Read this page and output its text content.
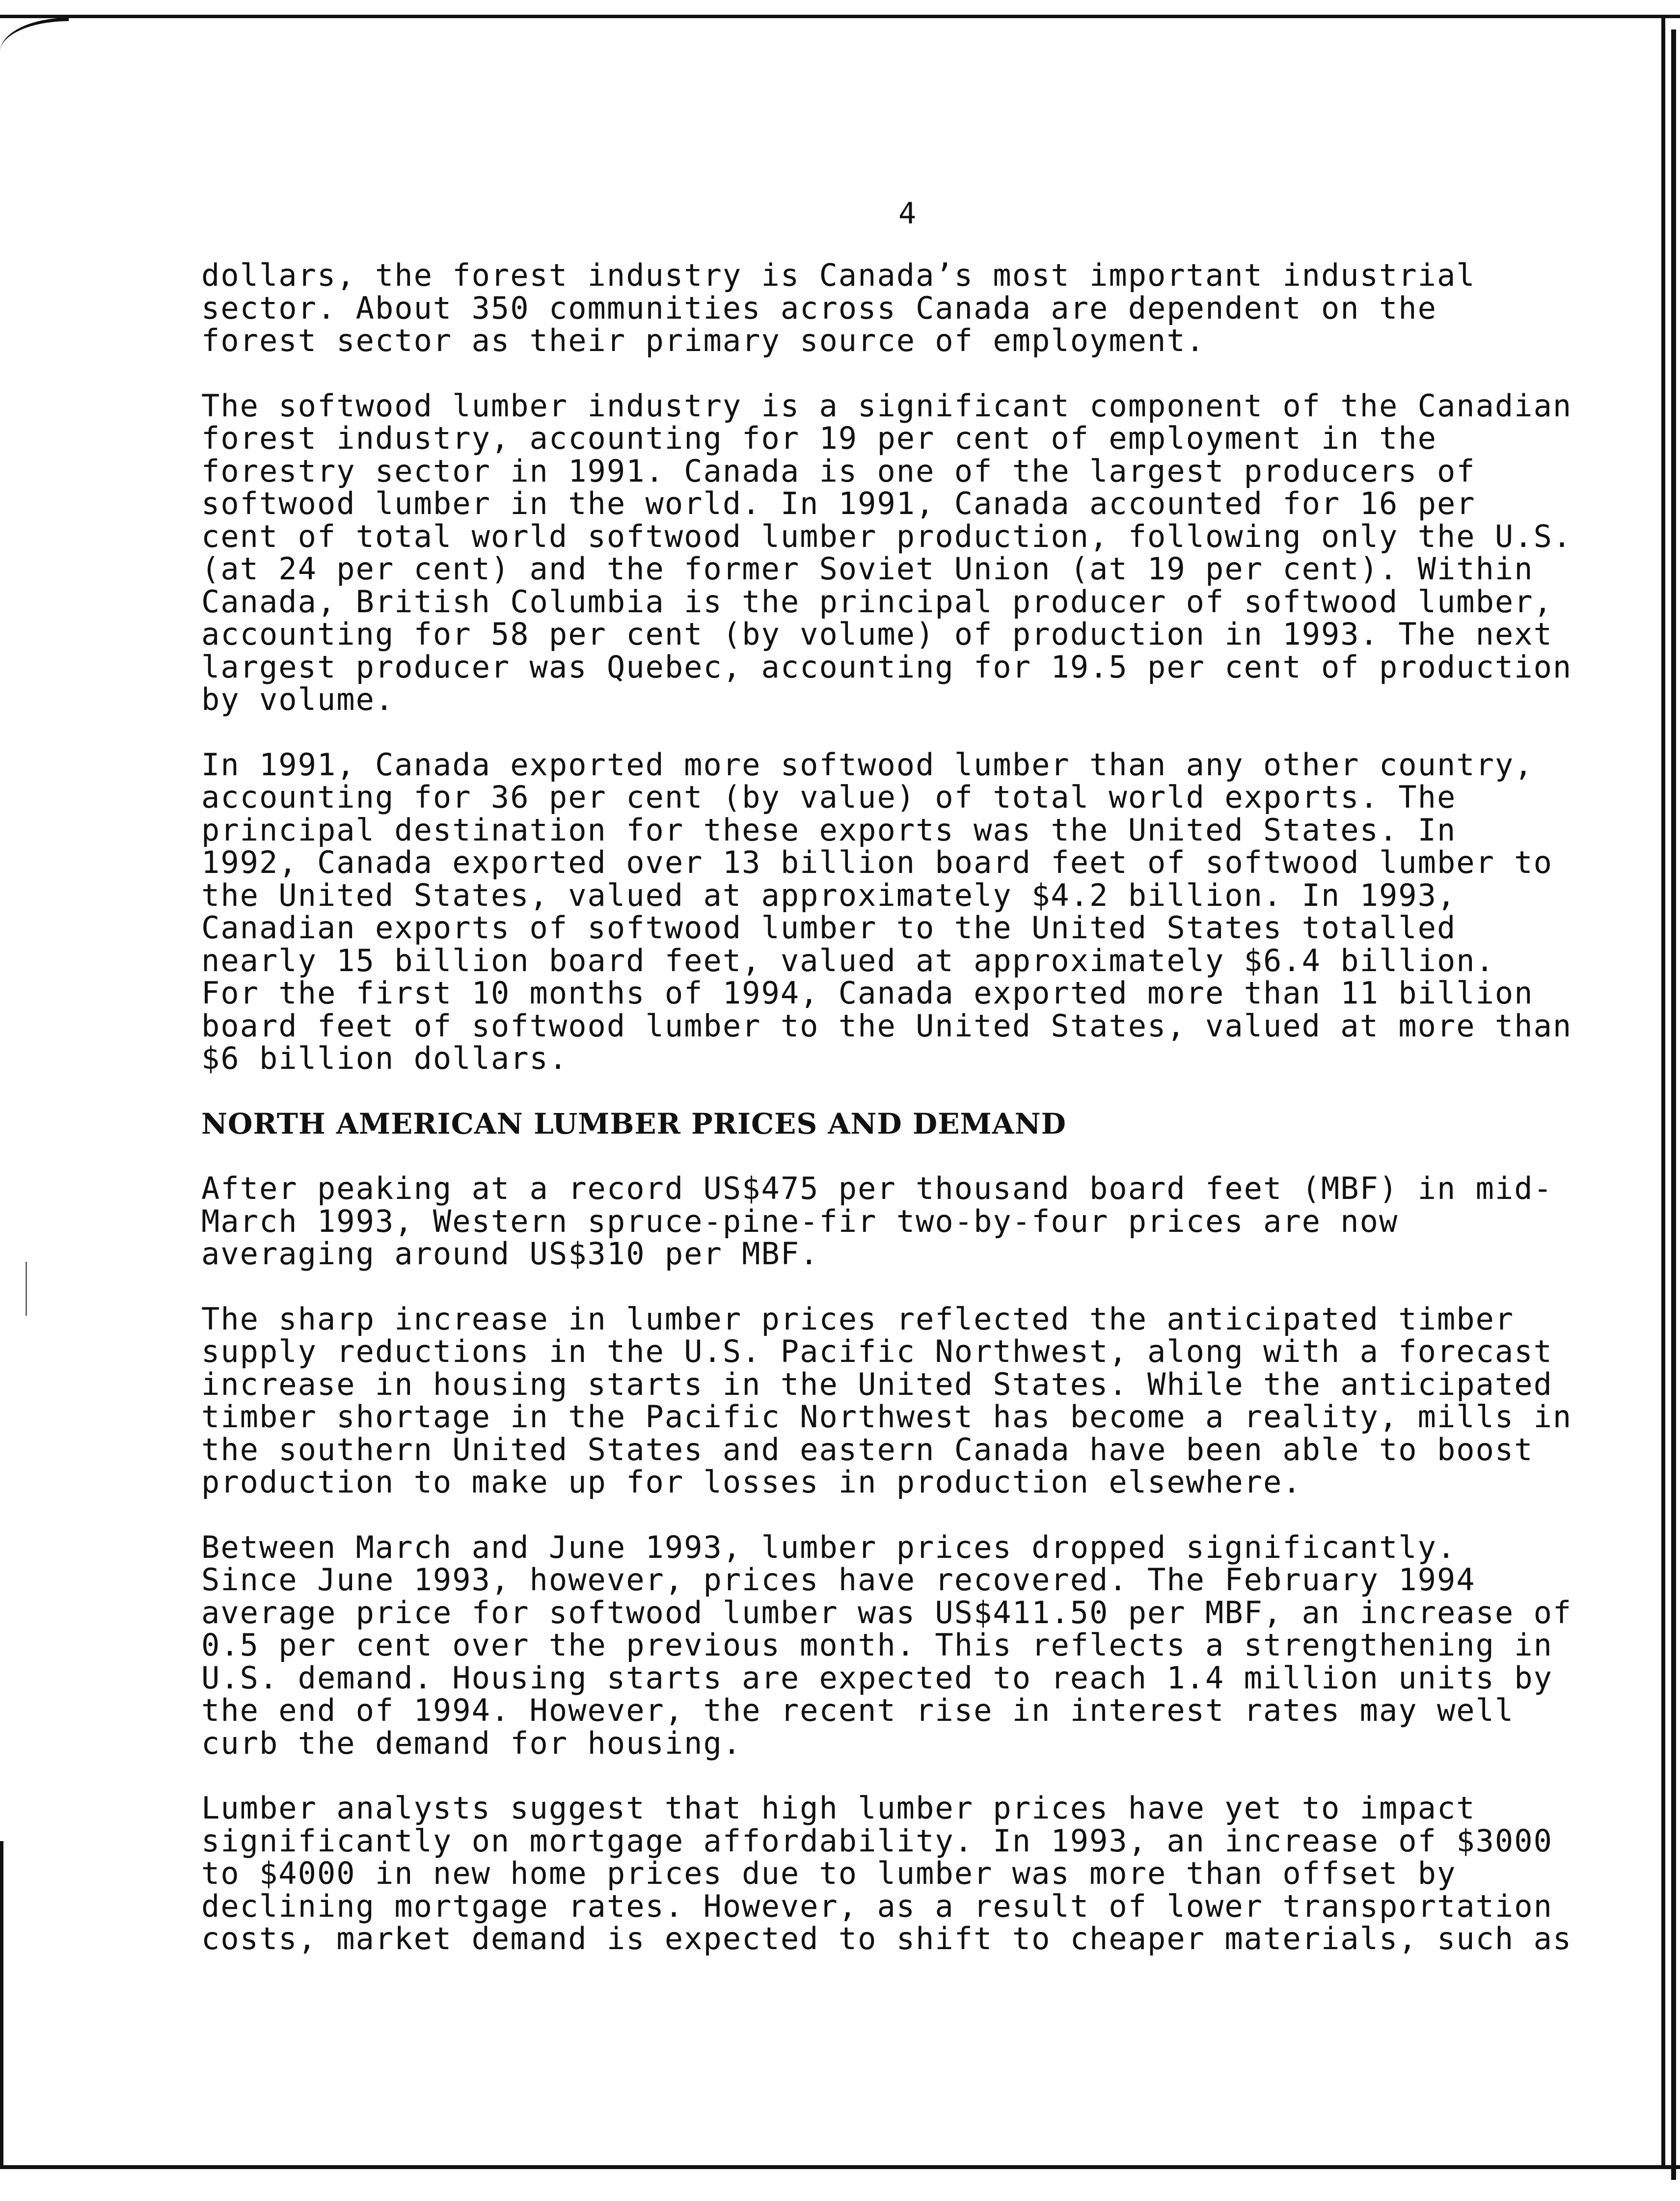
4

dollars, the forest industry is Canada’s most important industrial
sector. About 350 communities across Canada are dependent on the
forest sector as their primary source of employment.

The softwood lumber industry is a significant component of the Canadian
forest industry, accounting for 19 per cent of employment in the
forestry sector in 1991. Canada is one of the largest producers of
softwood lumber in the world. In 1991, Canada accounted for 16 per
cent of total world softwood lumber production, following only the U.S.
(at 24 per cent) and the former Soviet Union (at 19 per cent). Within
Canada, British Columbia is the principal producer of softwood lumber,
accounting for 58 per cent (by volume) of production in 1993. The next
largest producer was Quebec, accounting for 19.5 per cent of production
by volume.

In 1991, Canada exported more softwood lumber than any other country,
accounting for 36 per cent (by value) of total world exports. The
principal destination for these exports was the United States. In
1992, Canada exported over 13 billion board feet of softwood lumber to
the United States, valued at approximately $4.2 billion. In 1993,
Canadian exports of softwood lumber to the United States totalled
nearly 15 billion board feet, valued at approximately $6.4 billion.
For the first 10 months of 1994, Canada exported more than 11 billion
board feet of softwood lumber to the United States, valued at more than
$6 billion dollars.

NORTH AMERICAN LUMBER PRICES AND DEMAND

After peaking at a record US$475 per thousand board feet (MBF) in mid-
March 1993, Western spruce-pine-fir two-by-four prices are now
averaging around US$310 per MBF.

The sharp increase in lumber prices reflected the anticipated timber
supply reductions in the U.S. Pacific Northwest, along with a forecast
increase in housing starts in the United States. While the anticipated
timber shortage in the Pacific Northwest has become a reality, mills in
the southern United States and eastern Canada have been able to boost
production to make up for losses in production elsewhere.

Between March and June 1993, lumber prices dropped significantly.
Since June 1993, however, prices have recovered. The February 1994
average price for softwood lumber was US$411.50 per MBF, an increase of
0.5 per cent over the previous month. This reflects a strengthening in
U.S. demand. Housing starts are expected to reach 1.4 million units by
the end of 1994. However, the recent rise in interest rates may well
curb the demand for housing.

Lumber analysts suggest that high lumber prices have yet to impact
significantly on mortgage affordability. In 1993, an increase of $3000
to $4000 in new home prices due to lumber was more than offset by
declining mortgage rates. However, as a result of lower transportation
costs, market demand is expected to shift to cheaper materials, such as
